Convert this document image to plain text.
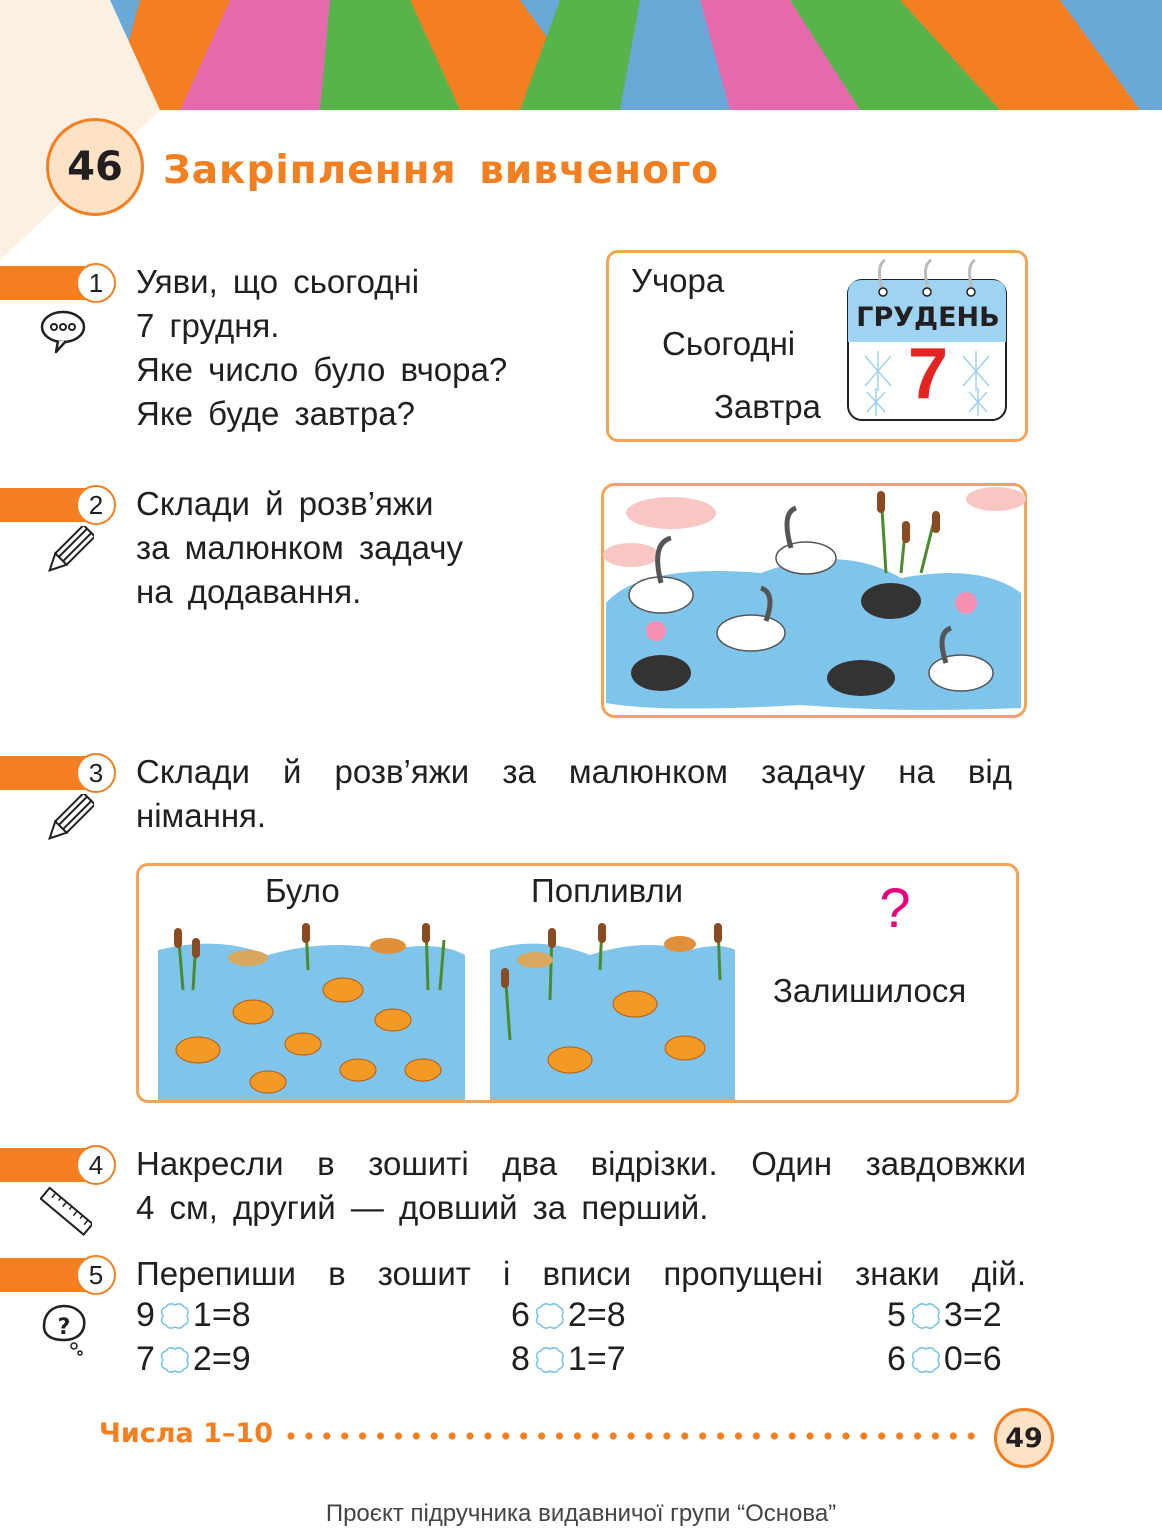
46 Закріплення вивченого
1 Уяви, що сьогодні
7 грудня.
Яке число було вчора?
Яке буде завтра?
Учора
Сьогодні
Завтра
ГРУДЕНЬ
7
2 Склади й розв’яжи
за малюнком задачу
на додавання.
3 Склади й розв’яжи за малюнком задачу на від
німання.
Було	Попливли	?
Залишилося
4 Накресли в зошиті два відрізки. Один завдовжки
4 см, другий — довший за перший.
5
?
Перепиши в зошит і вписи пропущені знаки дій.
9 1 = 8	6 2 = 8	5 3 = 2
7 2 = 9	8 1 = 7	6 0 = 6
Числа 1–10	49
Проєкт підручника видавничої групи “Основа”
